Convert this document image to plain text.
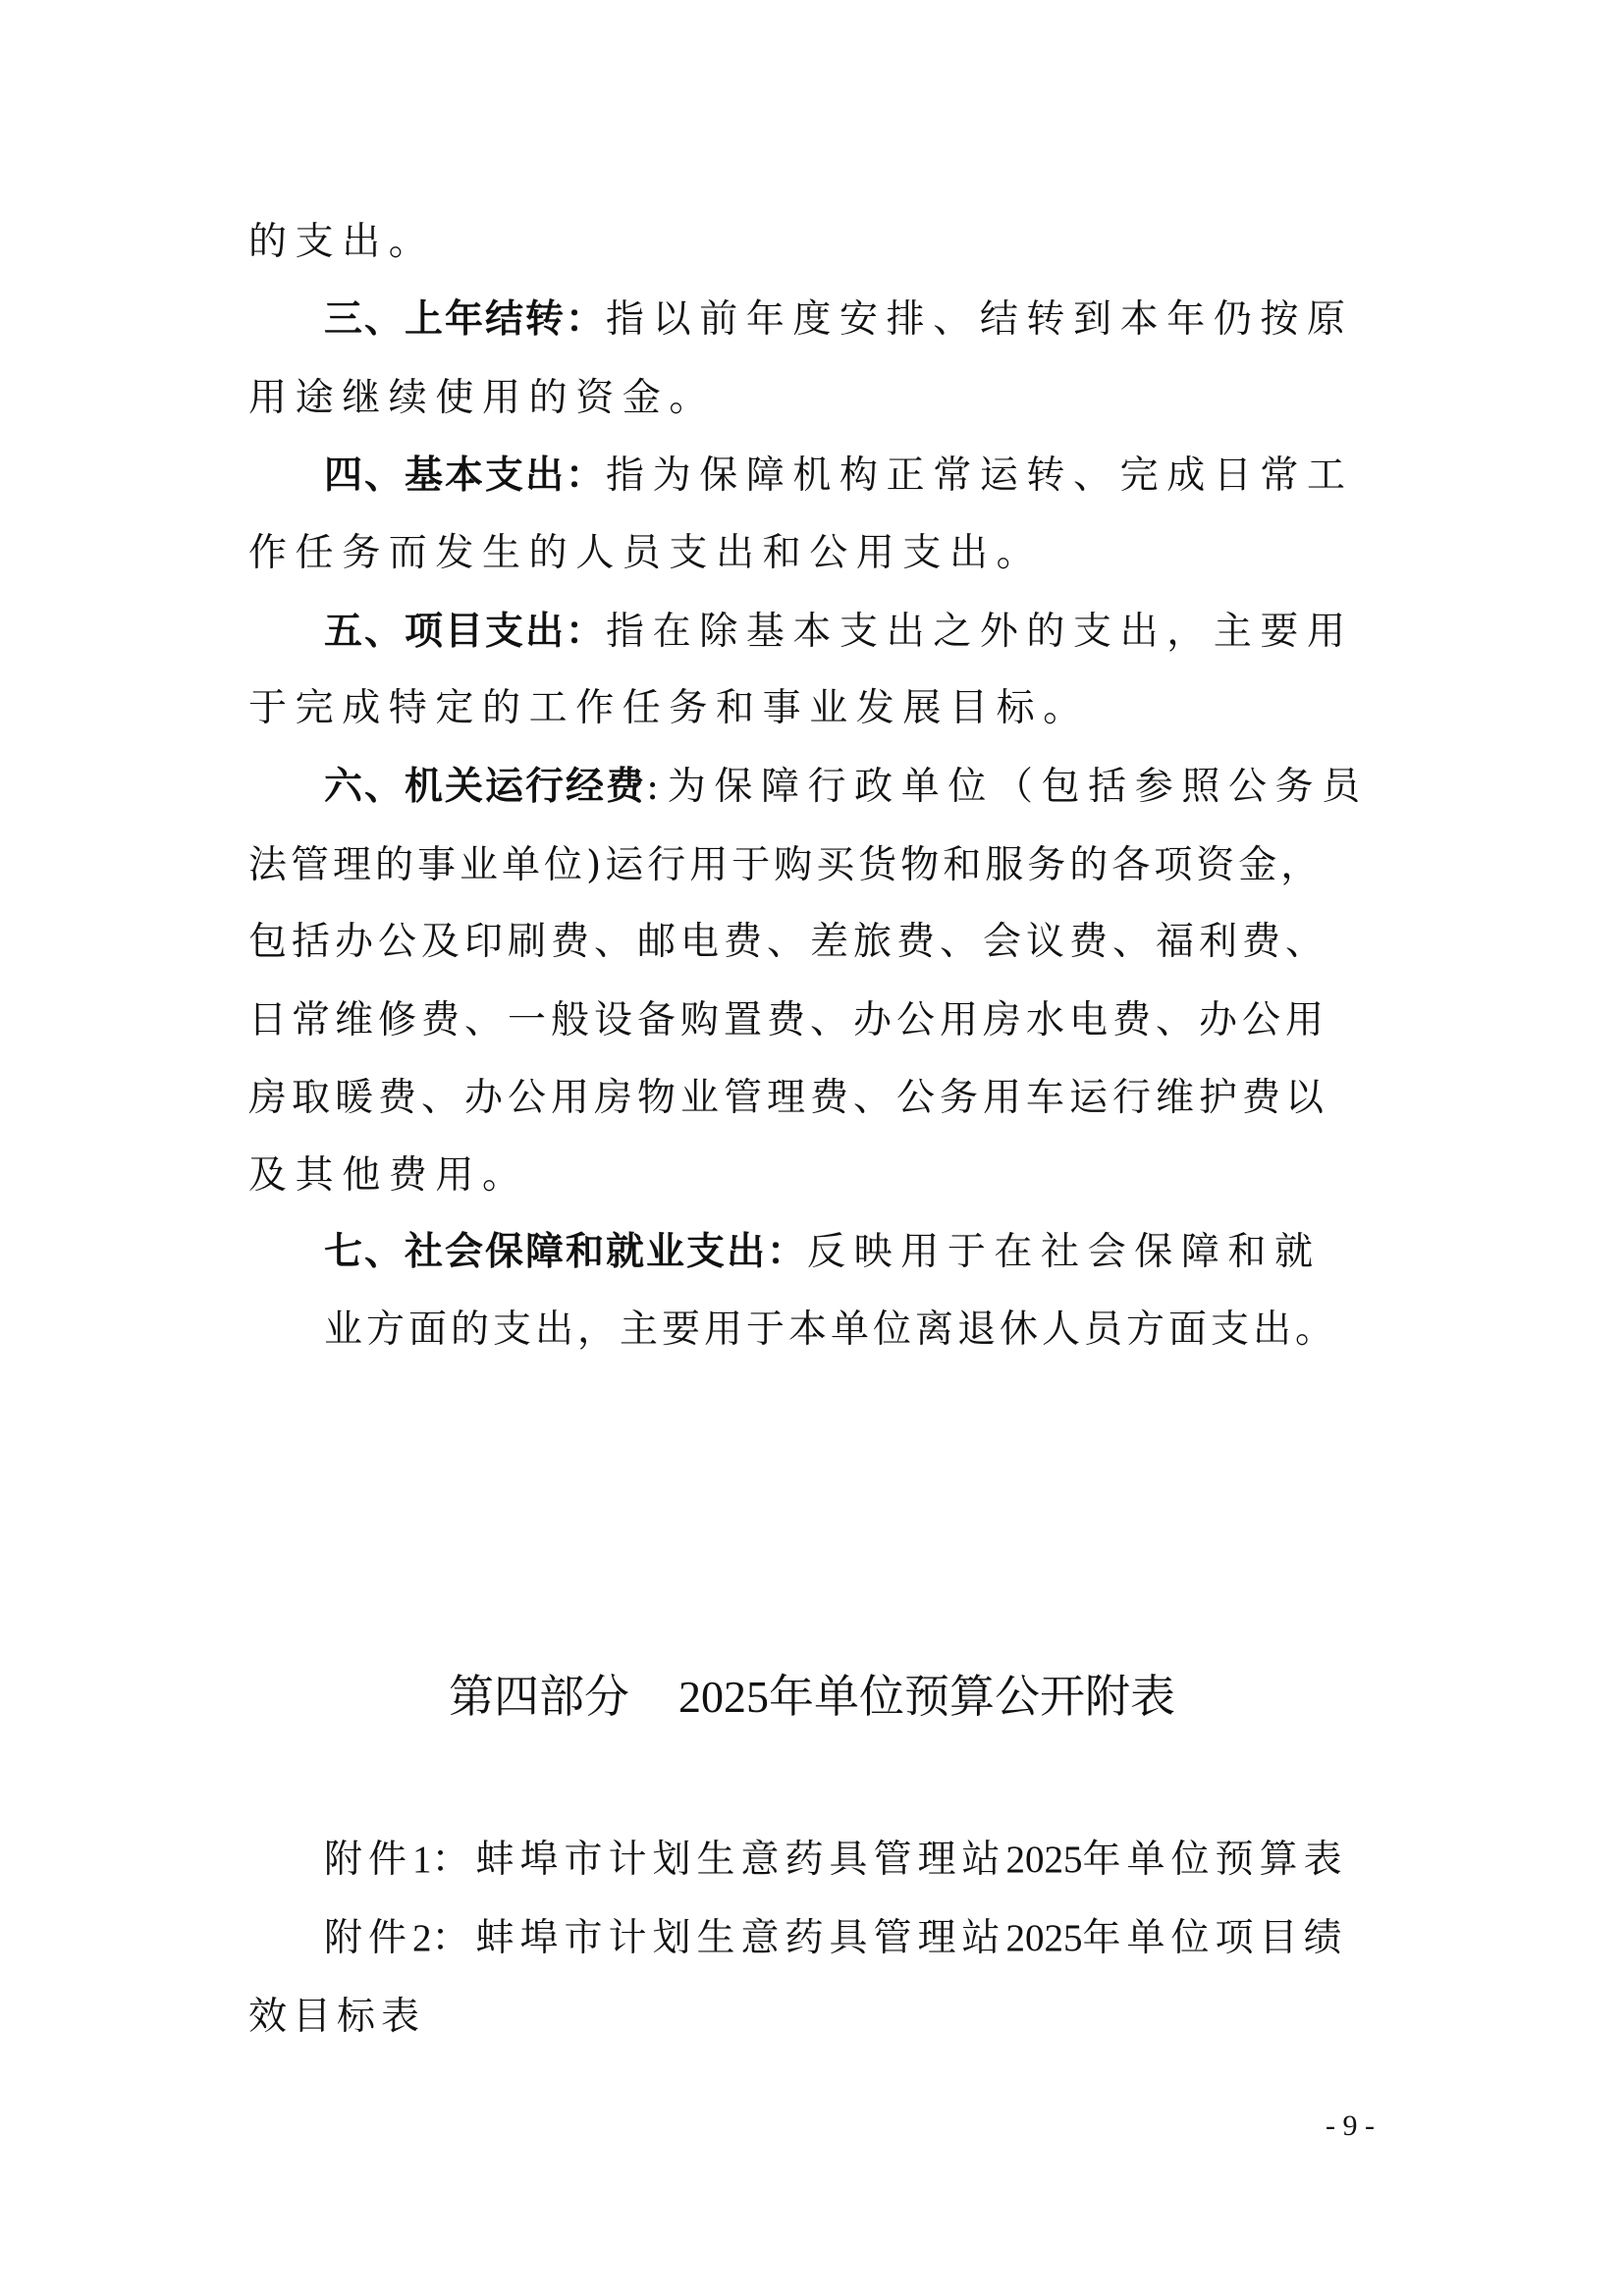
的支出。
三、上年结转：指以前年度安排、结转到本年仍按原
用途继续使用的资金。
四、基本支出：指为保障机构正常运转、完成日常工
作任务而发生的人员支出和公用支出。
五、项目支出：指在除基本支出之外的支出，主要用
于完成特定的工作任务和事业发展目标。
六、机关运行经费:为保障行政单位（包括参照公务员
法管理的事业单位)运行用于购买货物和服务的各项资金，
包括办公及印刷费、邮电费、差旅费、会议费、福利费、
日常维修费、一般设备购置费、办公用房水电费、办公用
房取暖费、办公用房物业管理费、公务用车运行维护费以
及其他费用。
七、社会保障和就业支出：反映用于在社会保障和就
业方面的支出，主要用于本单位离退休人员方面支出。
第四部分 2025年单位预算公开附表
附件1：蚌埠市计划生意药具管理站2025年单位预算表
附件2：蚌埠市计划生意药具管理站2025年单位项目绩
效目标表
- 9 -
